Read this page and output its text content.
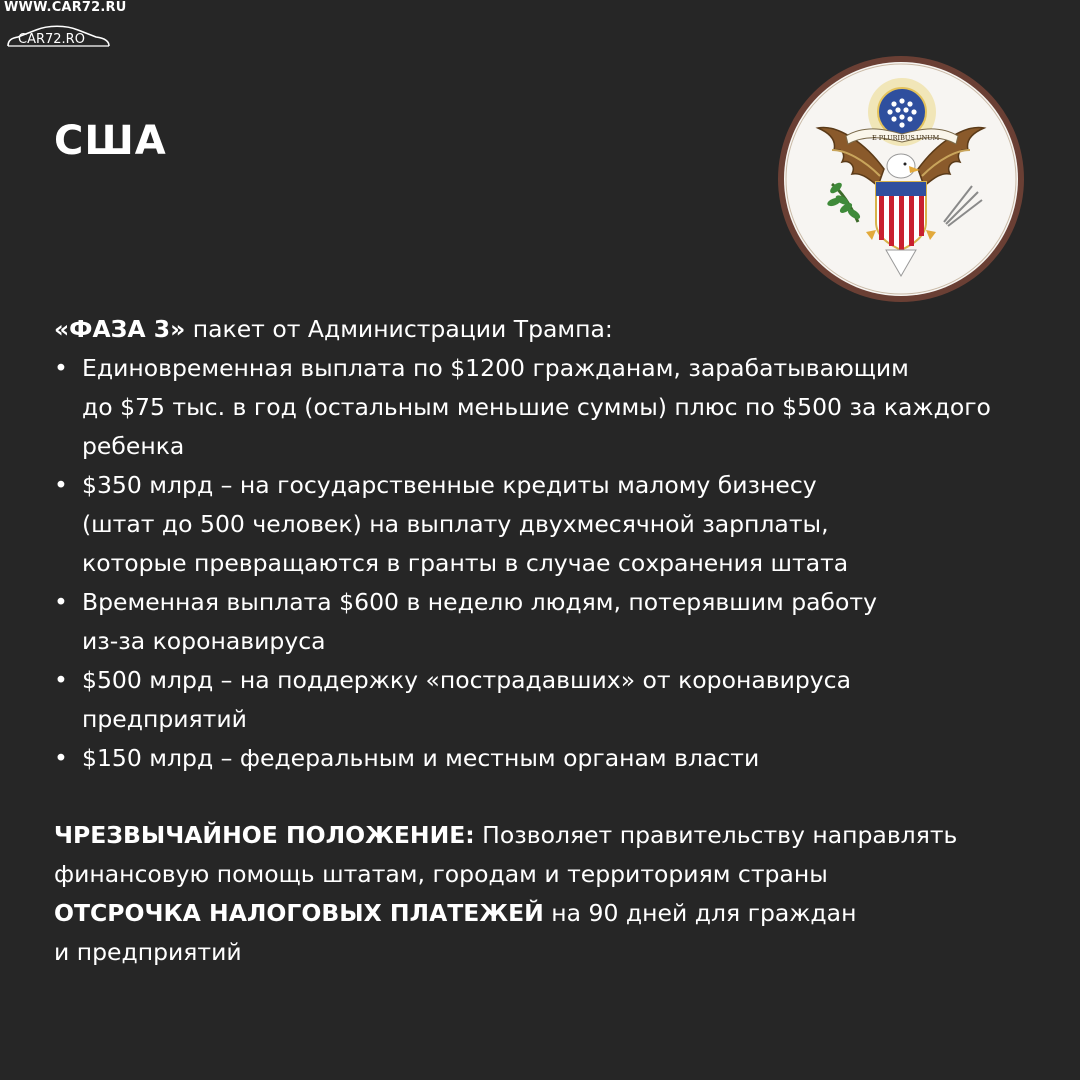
WWW.CAR72.RU
CAR72.RO
США	E PLURIBUS UNUM

«ФАЗА 3» пакет от Администрации Трампа:

• Единовременная выплата по $1200 гражданам, зарабатывающим
до $75 тыс. в год (остальным меньшие суммы) плюс по $500 за каждого
ребенка
• $350 млрд – на государственные кредиты малому бизнесу
(штат до 500 человек) на выплату двухмесячной зарплаты,
которые превращаются в гранты в случае сохранения штата
• Временная выплата $600 в неделю людям, потерявшим работу
из-за коронавируса
• $500 млрд – на поддержку «пострадавших» от коронавируса
предприятий
• $150 млрд – федеральным и местным органам власти

ЧРЕЗВЫЧАЙНОЕ ПОЛОЖЕНИЕ: Позволяет правительству направлять

финансовую помощь штатам, городам и территориям страны

ОТСРОЧКА НАЛОГОВЫХ ПЛАТЕЖЕЙ на 90 дней для граждан

и предприятий
